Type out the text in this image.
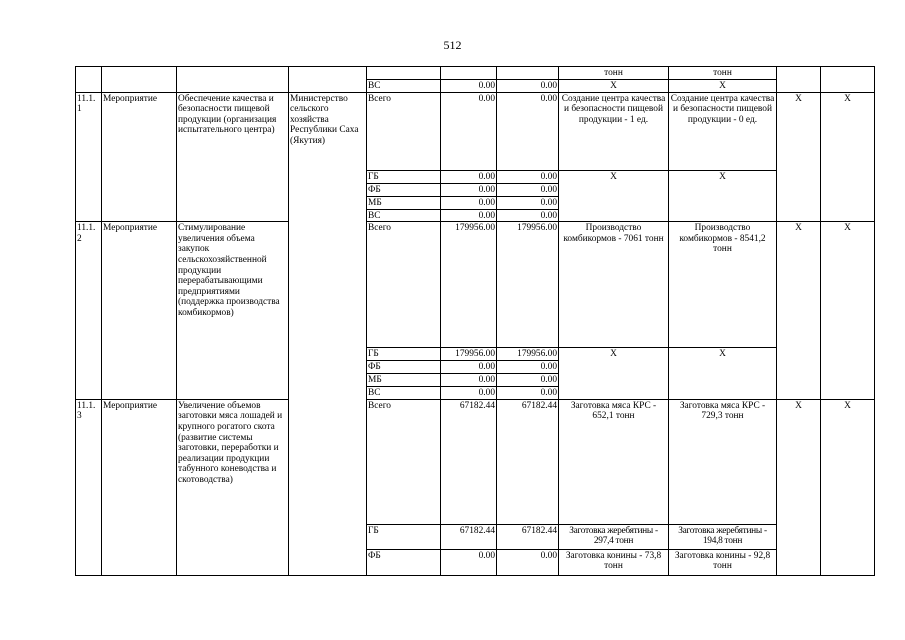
512
							тонн	тонн		
				ВС	0.00	0.00	Х	Х		
11.1.
1	Мероприятие	Обеспечение качества и безопасности пищевой продукции (организация испытательного центра)	Министерство сельского хозяйства Республики Саха (Якутия)	Всего	0.00	0.00	Создание центра качества и безопасности пищевой продукции - 1 ед.	Создание центра качества и безопасности пищевой продукции - 0 ед.	Х	Х
				ГБ	0.00	0.00	Х	Х		
				ФБ	0.00	0.00				
				МБ	0.00	0.00				
				ВС	0.00	0.00				
11.1.
2	Мероприятие	Стимулирование увеличения объема закупок сельскохозяйственной продукции перерабатывающими предприятиями (поддержка производства комбикормов)		Всего	179956.00	179956.00	Производство комбикормов - 7061 тонн	Производство комбикормов - 8541,2 тонн	Х	Х
				ГБ	179956.00	179956.00	Х	Х		
				ФБ	0.00	0.00				
				МБ	0.00	0.00				
				ВС	0.00	0.00				
11.1.
3	Мероприятие	Увеличение объемов заготовки мяса лошадей и крупного рогатого скота (развитие системы заготовки, переработки и реализации продукции табунного коневодства и скотоводства)		Всего	67182.44	67182.44	Заготовка мяса КРС - 652,1 тонн	Заготовка мяса КРС - 729,3 тонн	Х	Х
				ГБ	67182.44	67182.44	Заготовка жеребятины - 297,4 тонн	Заготовка жеребятины - 194,8 тонн		
				ФБ	0.00	0.00	Заготовка конины - 73,8 тонн	Заготовка конины - 92,8 тонн		
